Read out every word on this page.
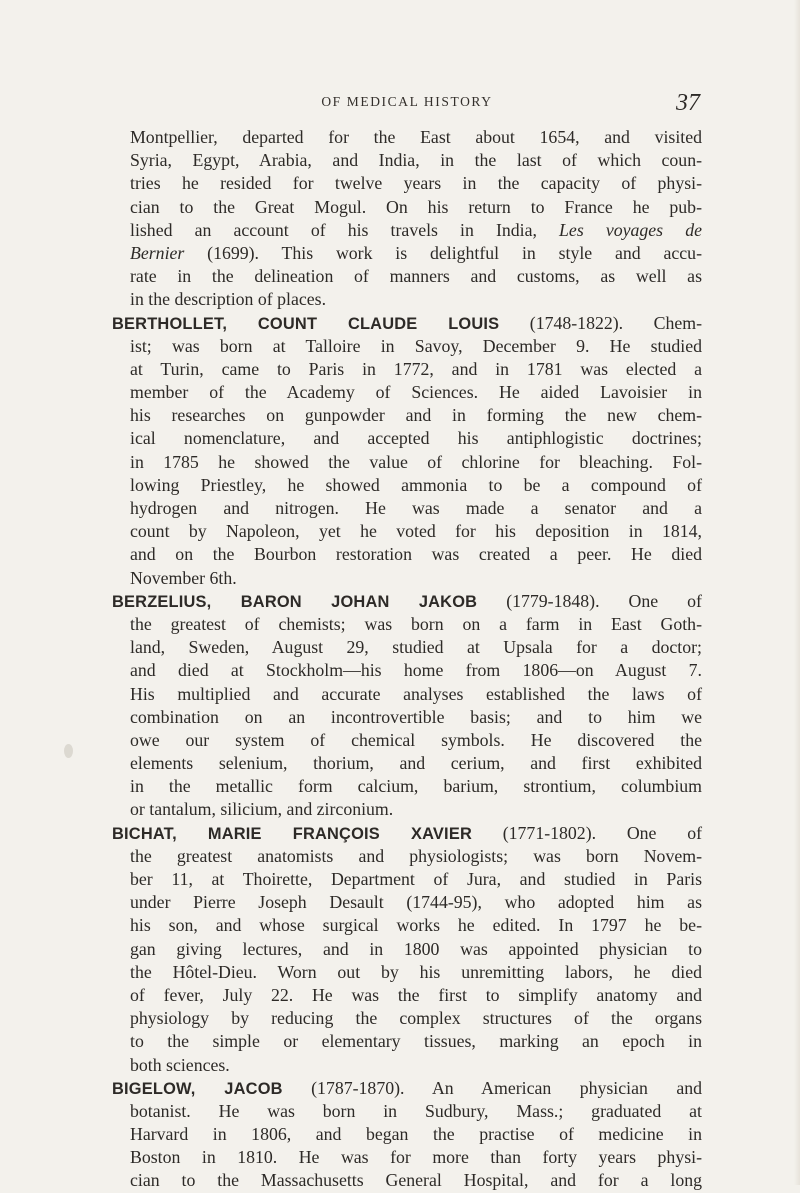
OF MEDICAL HISTORY	37
Montpellier, departed for the East about 1654, and visited
Syria, Egypt, Arabia, and India, in the last of which coun-
tries he resided for twelve years in the capacity of physi-
cian to the Great Mogul. On his return to France he pub-
lished an account of his travels in India, Les voyages de
Bernier (1699). This work is delightful in style and accu-
rate in the delineation of manners and customs, as well as
in the description of places.
BERTHOLLET, COUNT CLAUDE LOUIS (1748-1822). Chem-
ist; was born at Talloire in Savoy, December 9. He studied
at Turin, came to Paris in 1772, and in 1781 was elected a
member of the Academy of Sciences. He aided Lavoisier in
his researches on gunpowder and in forming the new chem-
ical nomenclature, and accepted his antiphlogistic doctrines;
in 1785 he showed the value of chlorine for bleaching. Fol-
lowing Priestley, he showed ammonia to be a compound of
hydrogen and nitrogen. He was made a senator and a
count by Napoleon, yet he voted for his deposition in 1814,
and on the Bourbon restoration was created a peer. He died
November 6th.
BERZELIUS, BARON JOHAN JAKOB (1779-1848). One of
the greatest of chemists; was born on a farm in East Goth-
land, Sweden, August 29, studied at Upsala for a doctor;
and died at Stockholm—his home from 1806—on August 7.
His multiplied and accurate analyses established the laws of
combination on an incontrovertible basis; and to him we
owe our system of chemical symbols. He discovered the
elements selenium, thorium, and cerium, and first exhibited
in the metallic form calcium, barium, strontium, columbium
or tantalum, silicium, and zirconium.
BICHAT, MARIE FRANÇOIS XAVIER (1771-1802). One of
the greatest anatomists and physiologists; was born Novem-
ber 11, at Thoirette, Department of Jura, and studied in Paris
under Pierre Joseph Desault (1744-95), who adopted him as
his son, and whose surgical works he edited. In 1797 he be-
gan giving lectures, and in 1800 was appointed physician to
the Hôtel-Dieu. Worn out by his unremitting labors, he died
of fever, July 22. He was the first to simplify anatomy and
physiology by reducing the complex structures of the organs
to the simple or elementary tissues, marking an epoch in
both sciences.
BIGELOW, JACOB (1787-1870). An American physician and
botanist. He was born in Sudbury, Mass.; graduated at
Harvard in 1806, and began the practise of medicine in
Boston in 1810. He was for more than forty years physi-
cian to the Massachusetts General Hospital, and for a long
